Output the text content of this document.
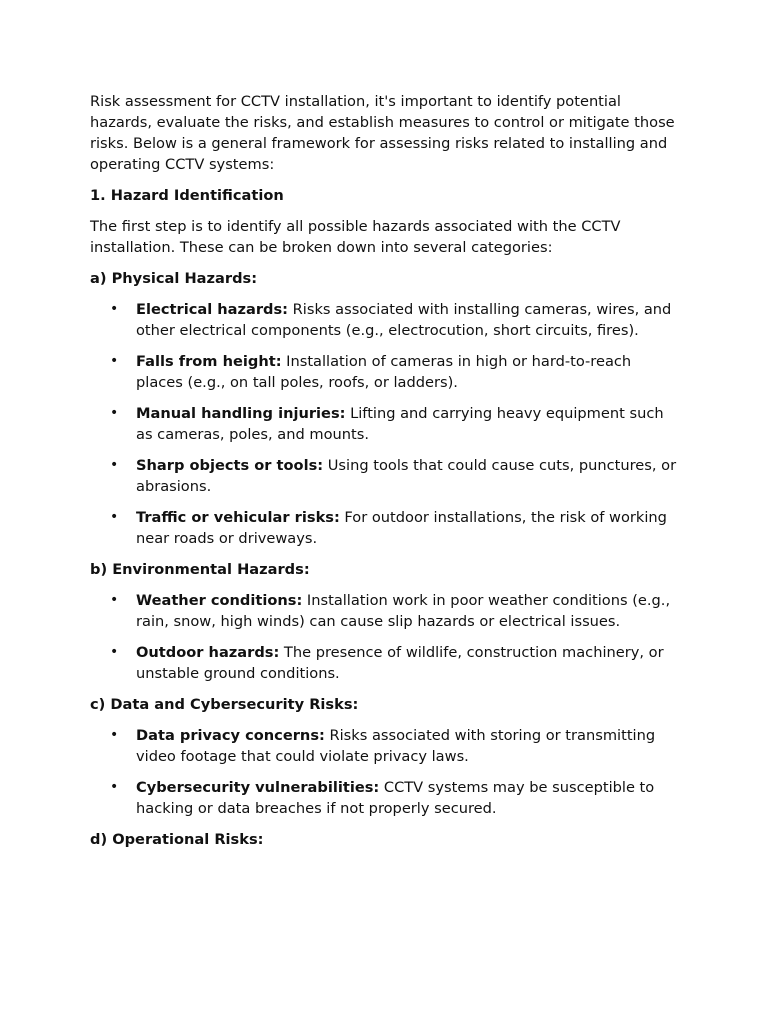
Risk assessment for CCTV installation, it's important to identify potential hazards, evaluate the risks, and establish measures to control or mitigate those risks. Below is a general framework for assessing risks related to installing and operating CCTV systems:

1. Hazard Identification

The first step is to identify all possible hazards associated with the CCTV installation. These can be broken down into several categories:

a) Physical Hazards:
• Electrical hazards: Risks associated with installing cameras, wires, and other electrical components (e.g., electrocution, short circuits, fires).
• Falls from height: Installation of cameras in high or hard-to-reach places (e.g., on tall poles, roofs, or ladders).
• Manual handling injuries: Lifting and carrying heavy equipment such as cameras, poles, and mounts.
• Sharp objects or tools: Using tools that could cause cuts, punctures, or abrasions.
• Traffic or vehicular risks: For outdoor installations, the risk of working near roads or driveways.
b) Environmental Hazards:
• Weather conditions: Installation work in poor weather conditions (e.g., rain, snow, high winds) can cause slip hazards or electrical issues.
• Outdoor hazards: The presence of wildlife, construction machinery, or unstable ground conditions.
c) Data and Cybersecurity Risks:
• Data privacy concerns: Risks associated with storing or transmitting video footage that could violate privacy laws.
• Cybersecurity vulnerabilities: CCTV systems may be susceptible to hacking or data breaches if not properly secured.
d) Operational Risks:
